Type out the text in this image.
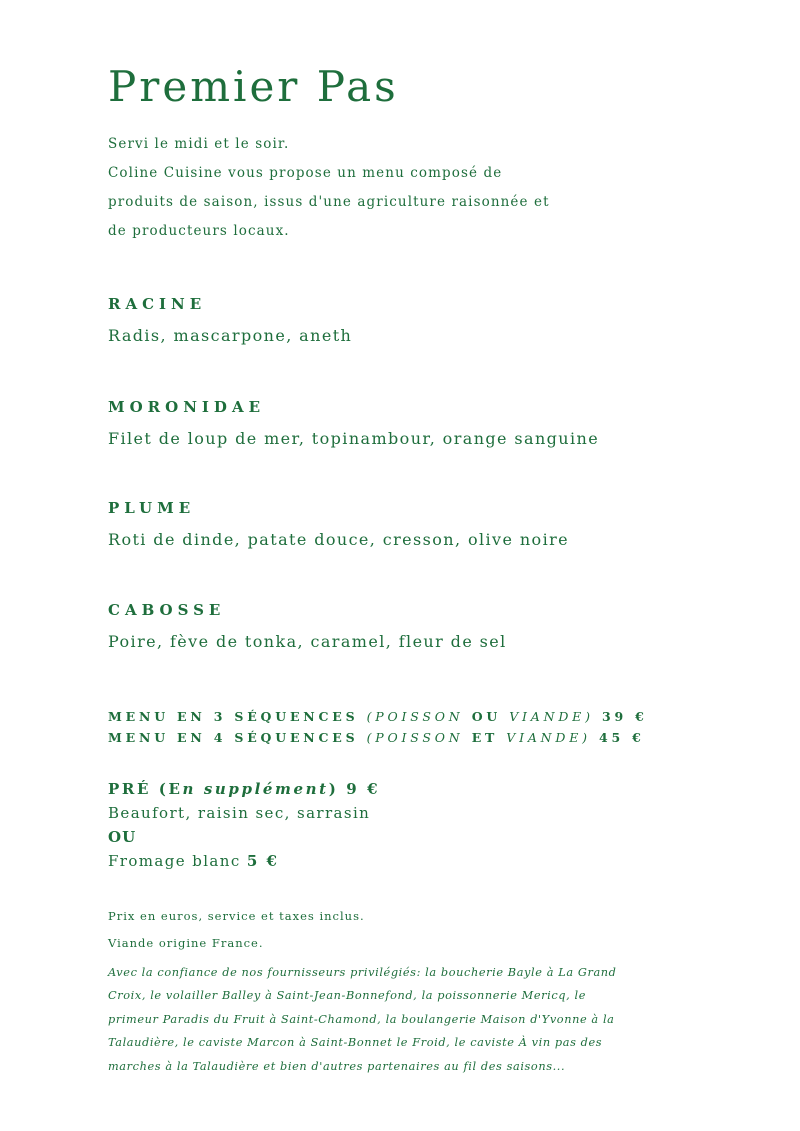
Premier Pas
Servi le midi et le soir.
Coline Cuisine vous propose un menu composé de
produits de saison, issus d'une agriculture raisonnée et
de producteurs locaux.
RACINE
Radis, mascarpone, aneth
MORONIDAE
Filet de loup de mer, topinambour, orange sanguine
PLUME
Roti de dinde, patate douce, cresson, olive noire
CABOSSE
Poire, fève de tonka, caramel, fleur de sel
MENU EN 3 SÉQUENCES (POISSON OU VIANDE) 39 €
MENU EN 4 SÉQUENCES (POISSON ET VIANDE) 45 €
PRÉ (En supplément) 9 €
Beaufort, raisin sec, sarrasin
OU
Fromage blanc 5 €
Prix en euros, service et taxes inclus.
Viande origine France.
Avec la confiance de nos fournisseurs privilégiés: la boucherie Bayle à La Grand Croix, le volailler Balley à Saint-Jean-Bonnefond, la poissonnerie Mericq, le primeur Paradis du Fruit à Saint-Chamond, la boulangerie Maison d'Yvonne à la Talaudière, le caviste Marcon à Saint-Bonnet le Froid, le caviste À vin pas des marches à la Talaudière et bien d'autres partenaires au fil des saisons...
